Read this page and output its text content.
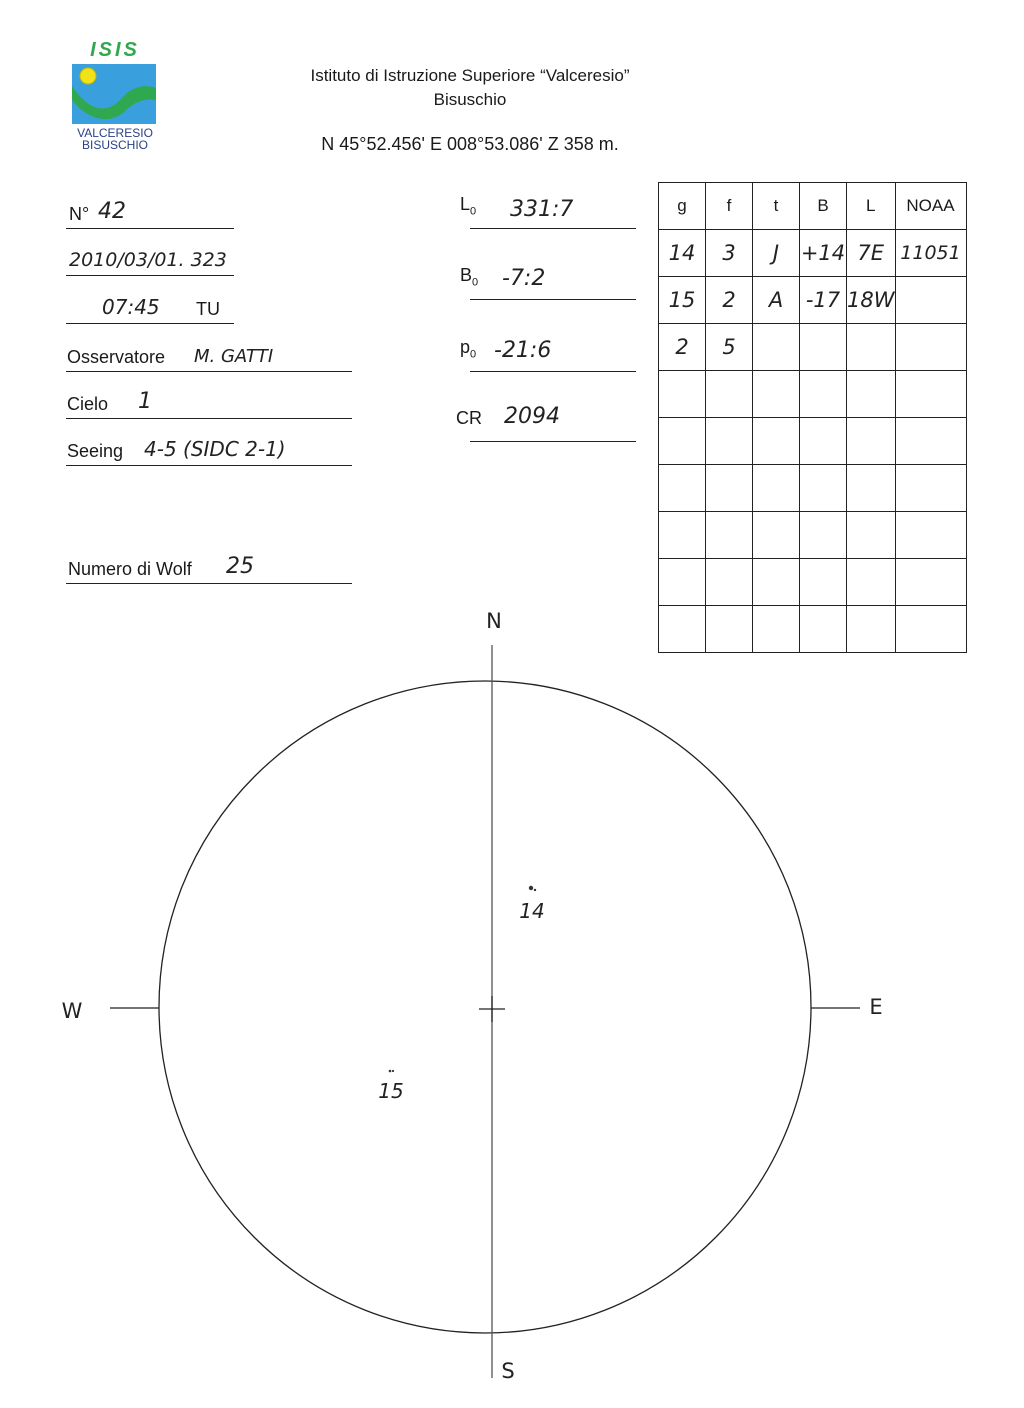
ISIS
VALCERESIO
BISUSCHIO
Istituto di Istruzione Superiore “Valceresio”
Bisuschio
N 45°52.456' E 008°53.086' Z 358 m.
N° 42
2010/03/01. 323
07:45 TU
Osservatore M. GATTI
Cielo 1
Seeing 4-5 (SIDC 2-1)
Numero di Wolf 25
$L_0$ 331:7
$B_0$ -7:2
$p_0$ -21:6
CR 2094
g	f	t	B	L	NOAA
14	3	J	+14	7E	11051
15	2	A	-17	18W	
2	5				

N
S
E
W
14
15
